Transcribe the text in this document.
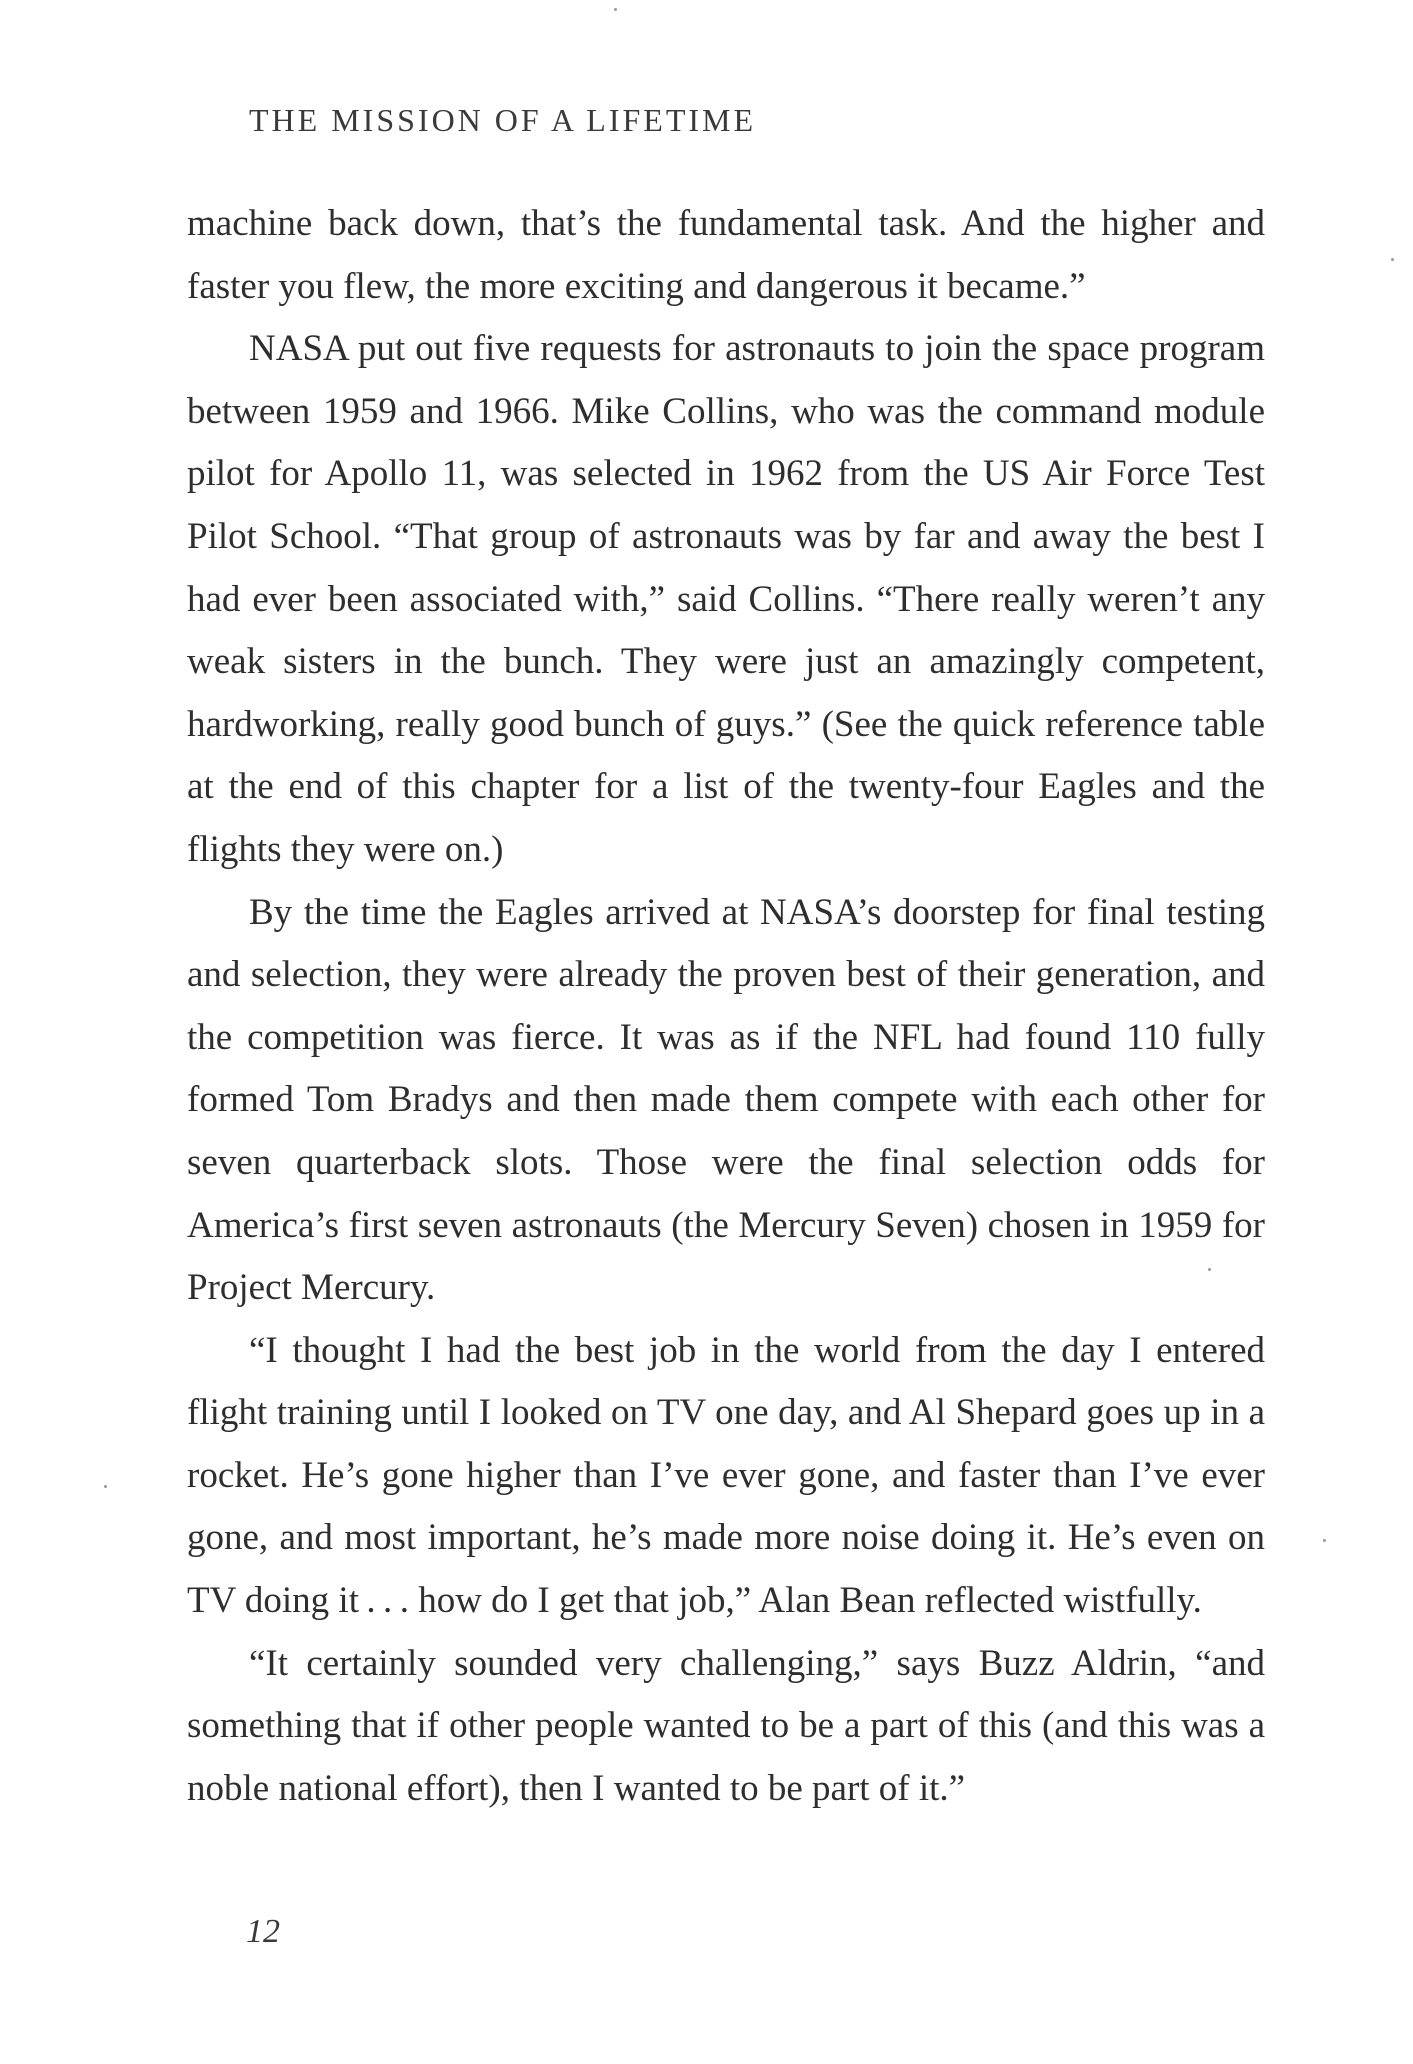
THE MISSION OF A LIFETIME

machine back down, that’s the fundamental task. And the higher and faster you flew, the more exciting and dangerous it became.”

NASA put out five requests for astronauts to join the space program between 1959 and 1966. Mike Collins, who was the command module pilot for Apollo 11, was selected in 1962 from the US Air Force Test Pilot School. “That group of astronauts was by far and away the best I had ever been associated with,” said Collins. “There really weren’t any weak sisters in the bunch. They were just an amazingly competent, hardworking, really good bunch of guys.” (See the quick reference table at the end of this chapter for a list of the twenty-four Eagles and the flights they were on.)

By the time the Eagles arrived at NASA’s doorstep for final testing and selection, they were already the proven best of their generation, and the competition was fierce. It was as if the NFL had found 110 fully formed Tom Bradys and then made them compete with each other for seven quarterback slots. Those were the final selection odds for America’s first seven astronauts (the Mercury Seven) chosen in 1959 for Project Mercury.

“I thought I had the best job in the world from the day I entered flight training until I looked on TV one day, and Al Shepard goes up in a rocket. He’s gone higher than I’ve ever gone, and faster than I’ve ever gone, and most important, he’s made more noise doing it. He’s even on TV doing it . . . how do I get that job,” Alan Bean reflected wistfully.

“It certainly sounded very challenging,” says Buzz Aldrin, “and something that if other people wanted to be a part of this (and this was a noble national effort), then I wanted to be part of it.”

12
